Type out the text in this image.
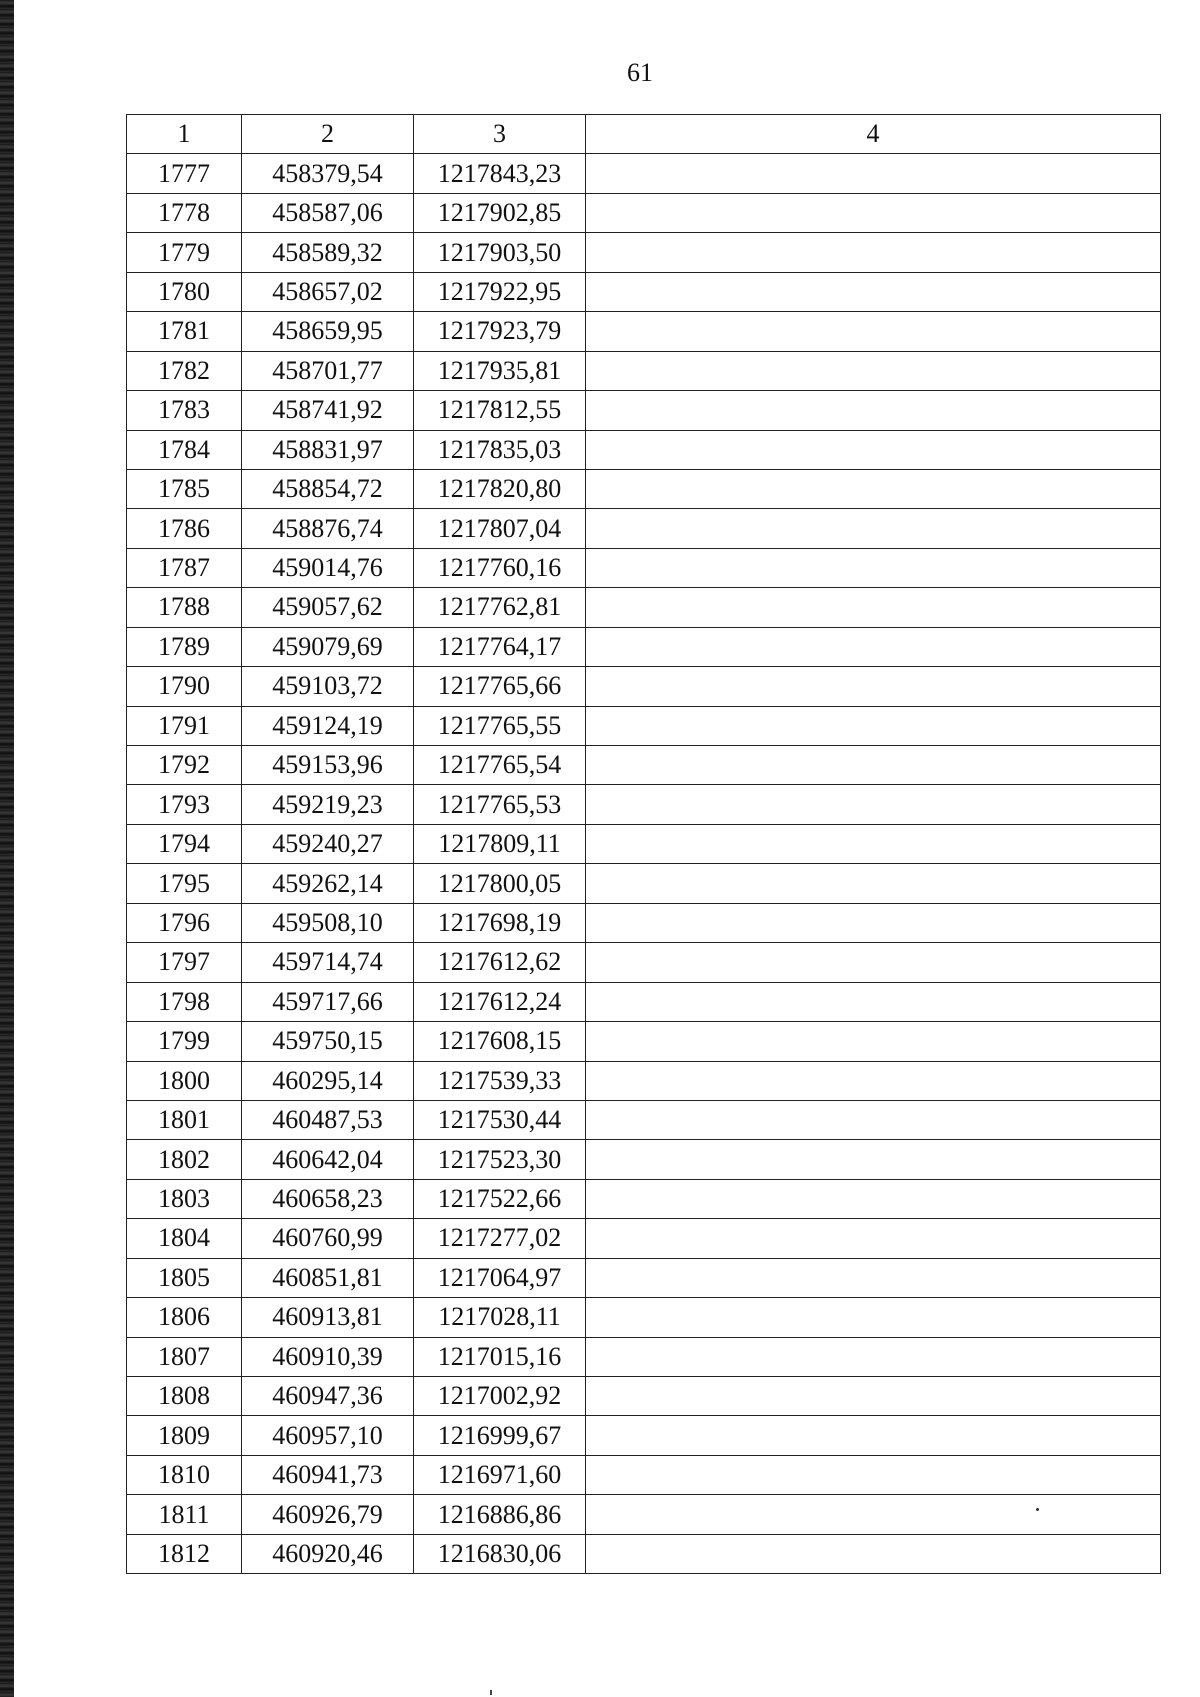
61
1	2	3	4
1777	458379,54	1217843,23	
1778	458587,06	1217902,85	
1779	458589,32	1217903,50	
1780	458657,02	1217922,95	
1781	458659,95	1217923,79	
1782	458701,77	1217935,81	
1783	458741,92	1217812,55	
1784	458831,97	1217835,03	
1785	458854,72	1217820,80	
1786	458876,74	1217807,04	
1787	459014,76	1217760,16	
1788	459057,62	1217762,81	
1789	459079,69	1217764,17	
1790	459103,72	1217765,66	
1791	459124,19	1217765,55	
1792	459153,96	1217765,54	
1793	459219,23	1217765,53	
1794	459240,27	1217809,11	
1795	459262,14	1217800,05	
1796	459508,10	1217698,19	
1797	459714,74	1217612,62	
1798	459717,66	1217612,24	
1799	459750,15	1217608,15	
1800	460295,14	1217539,33	
1801	460487,53	1217530,44	
1802	460642,04	1217523,30	
1803	460658,23	1217522,66	
1804	460760,99	1217277,02	
1805	460851,81	1217064,97	
1806	460913,81	1217028,11	
1807	460910,39	1217015,16	
1808	460947,36	1217002,92	
1809	460957,10	1216999,67	
1810	460941,73	1216971,60	
1811	460926,79	1216886,86	
1812	460920,46	1216830,06	
